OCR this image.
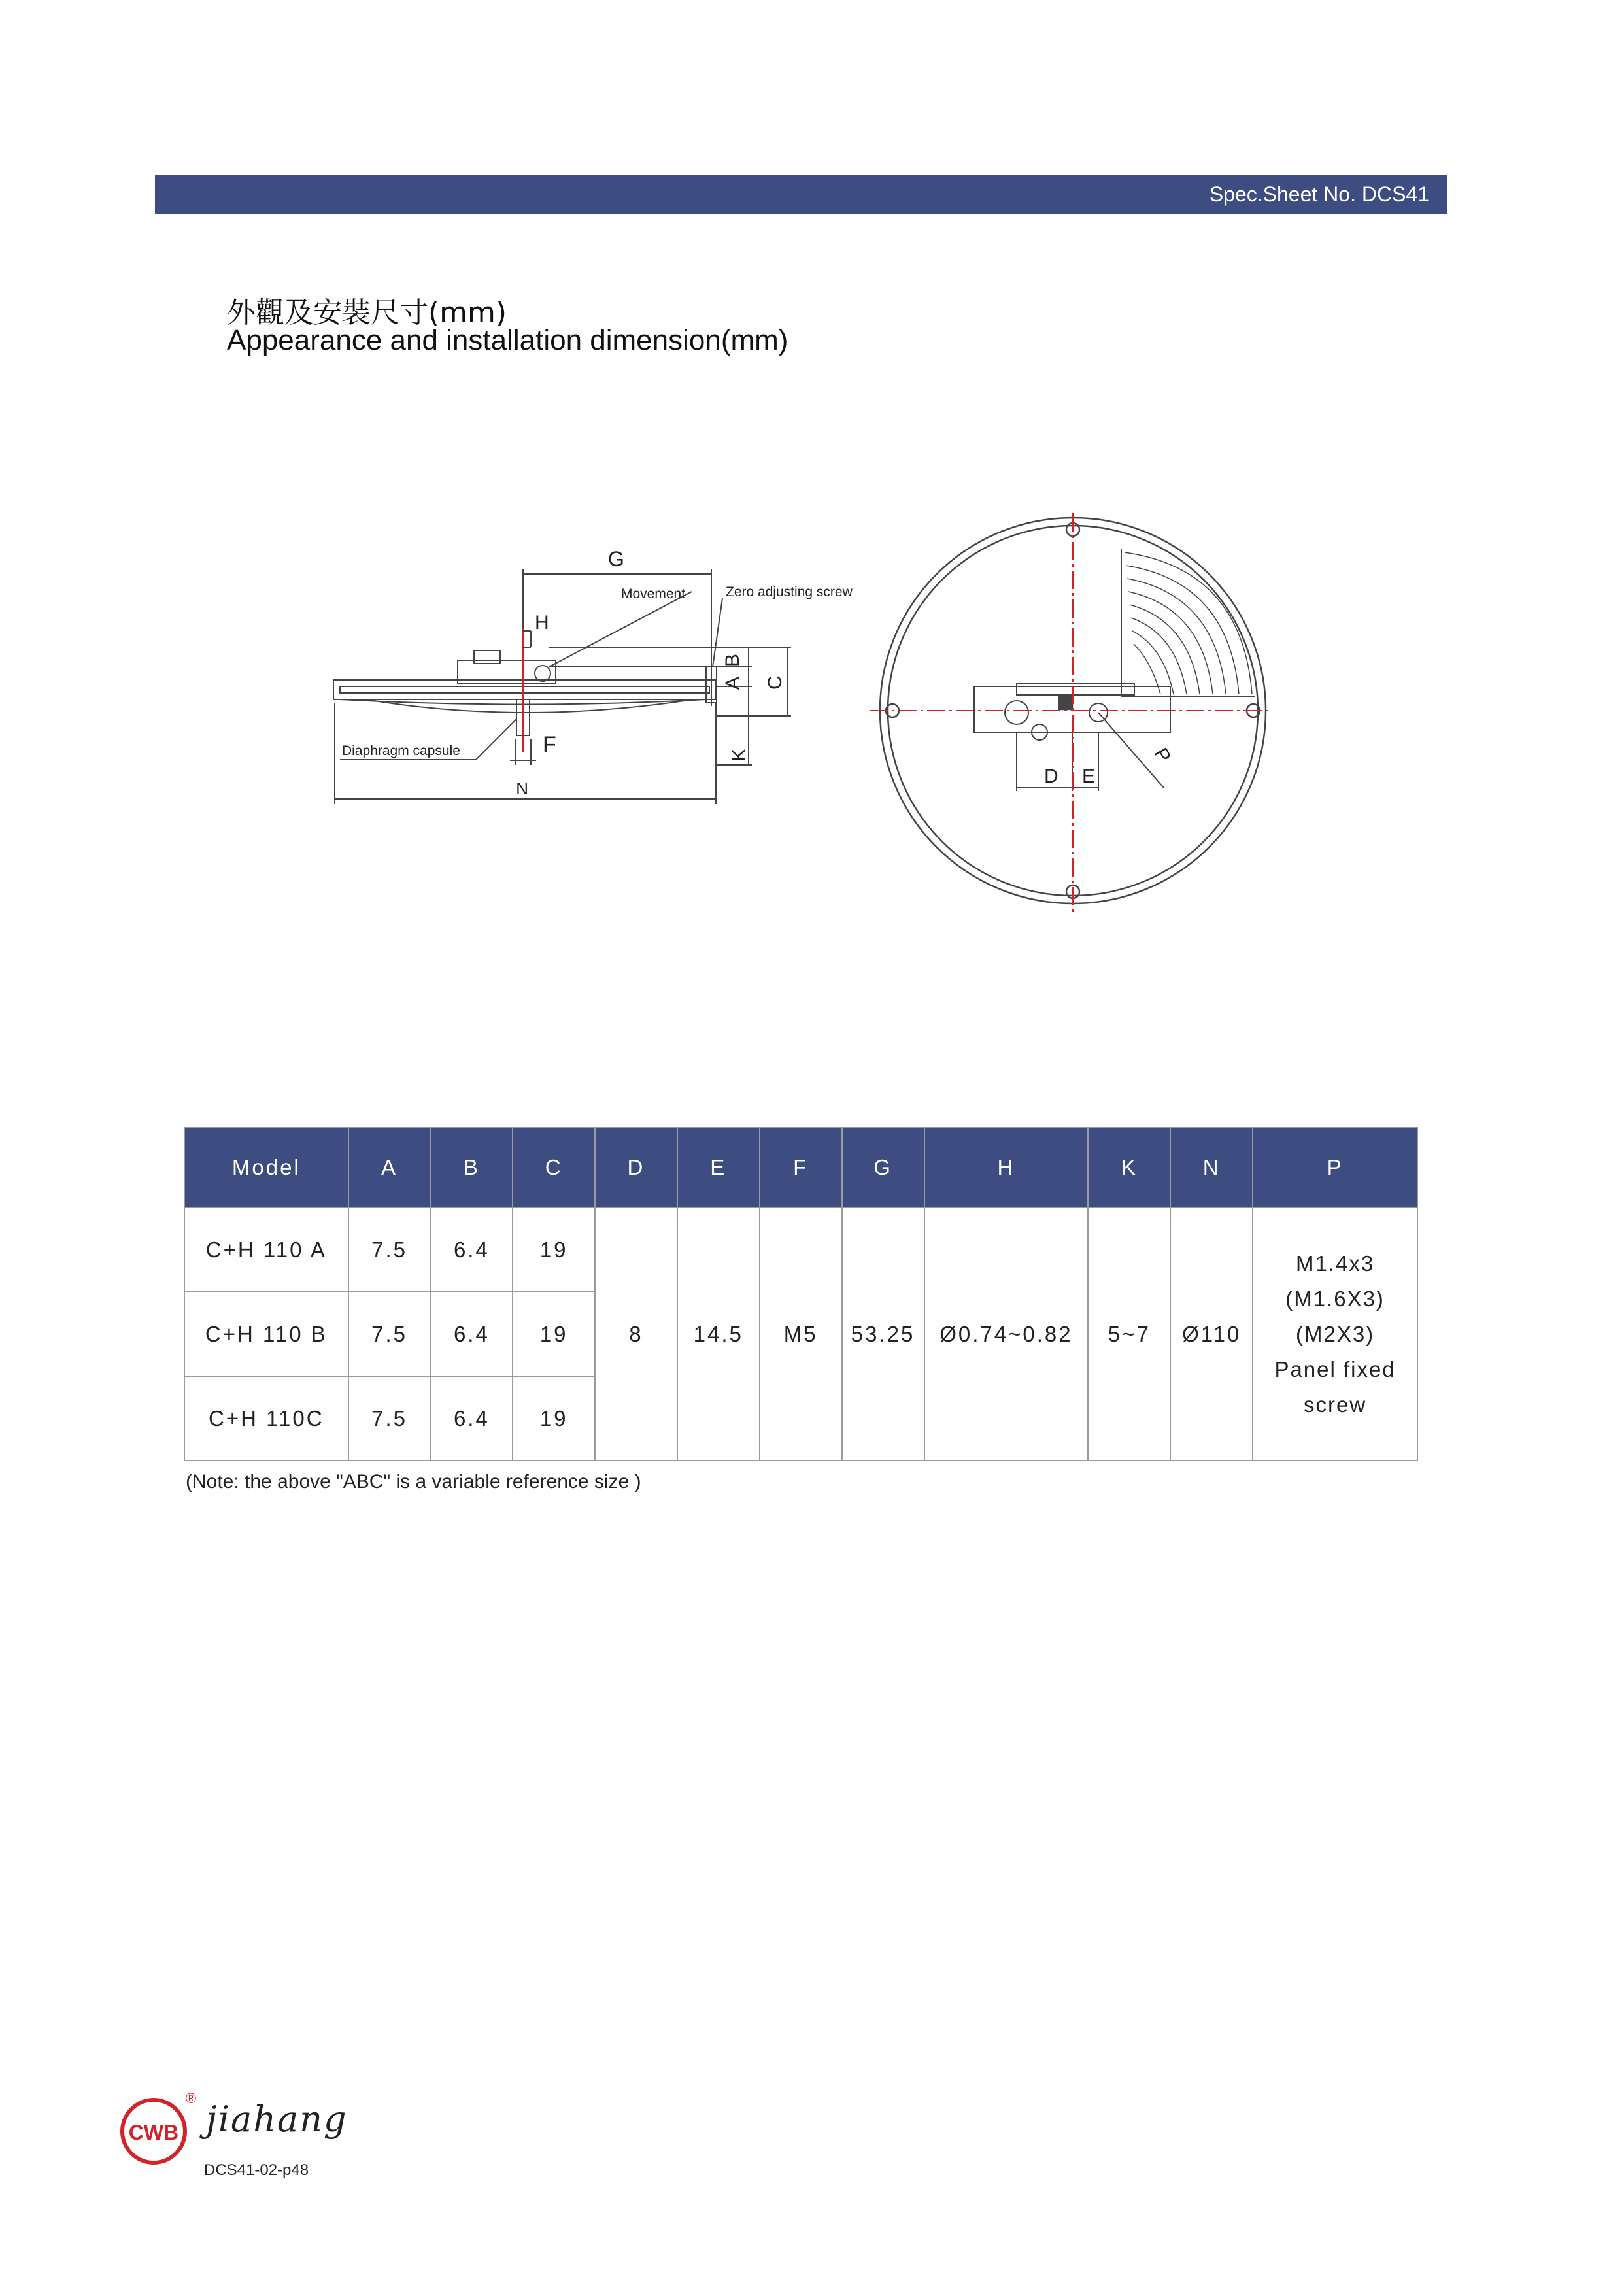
Spec.Sheet No. DCS41
外觀及安裝尺寸(mm)
Appearance and installation dimension(mm)
G
Movement	Zero adjusting screw
H
A
B
C
Diaphragm capsule	F	K
N
D E
P
Model	A	B	C	D	E	F	G	H	K	N	P
C+H 110 A	7.5	6.4	19	8	14.5	M5	53.25	Ø0.74~0.82	5~7	Ø110	M1.4x3
(M1.6X3)
(M2X3)
Panel fixed
screw

C+H 110 B	7.5	6.4	19								
C+H 110C	7.5	6.4	19								
(Note: the above "ABC" is a variable reference size )
CWB
®
jiahang
DCS41-02-p48
